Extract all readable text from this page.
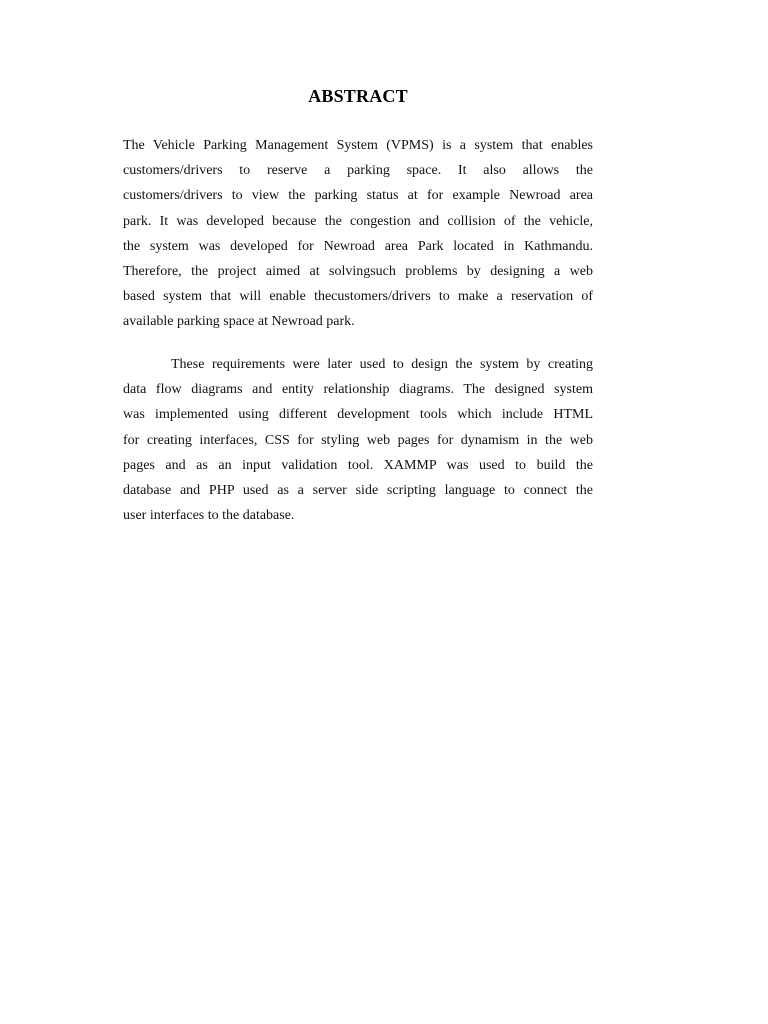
ABSTRACT
The Vehicle Parking Management System (VPMS) is a system that enables
customers/drivers to reserve a parking space. It also allows the
customers/drivers to view the parking status at for example Newroad area
park. It was developed because the congestion and collision of the vehicle,
the system was developed for Newroad area Park located in Kathmandu.
Therefore, the project aimed at solvingsuch problems by designing a web
based system that will enable thecustomers/drivers to make a reservation of
available parking space at Newroad park.
These requirements were later used to design the system by creating
data flow diagrams and entity relationship diagrams. The designed system
was implemented using different development tools which include HTML
for creating interfaces, CSS for styling web pages for dynamism in the web
pages and as an input validation tool. XAMMP was used to build the
database and PHP used as a server side scripting language to connect the
user interfaces to the database.
